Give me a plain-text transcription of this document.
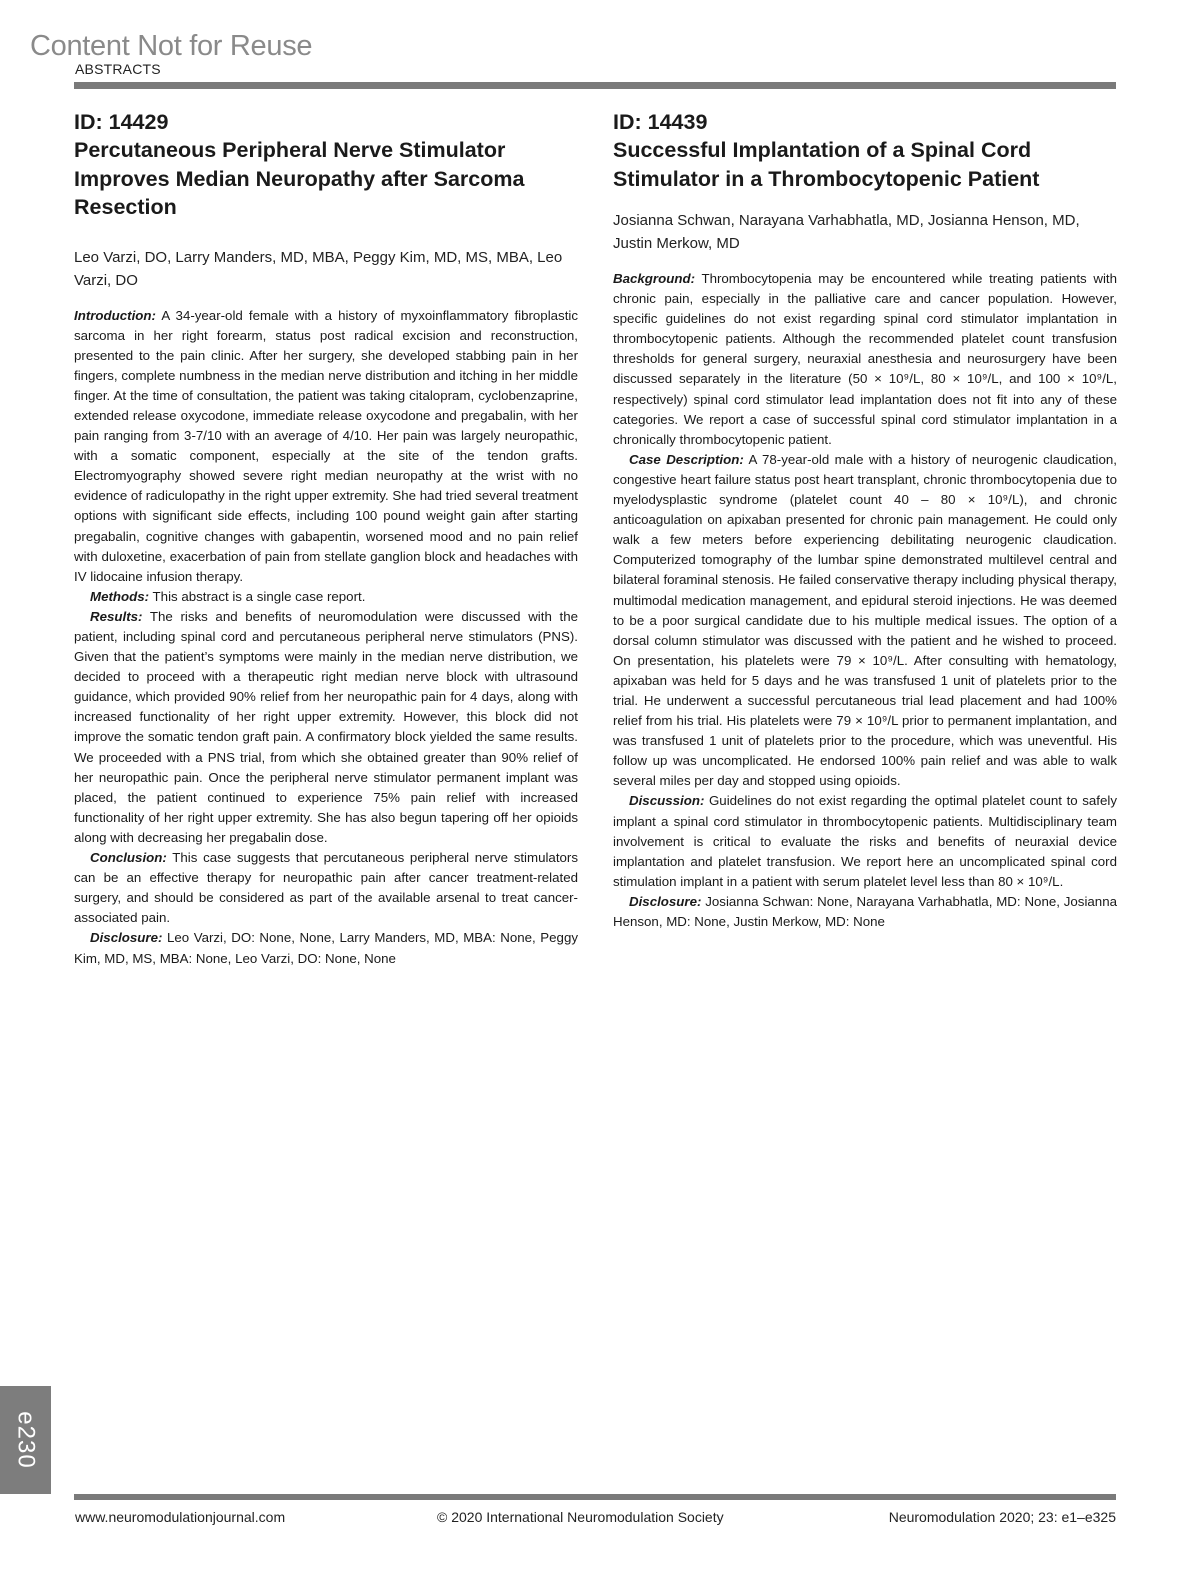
Content Not for Reuse
ABSTRACTS
ID: 14429
Percutaneous Peripheral Nerve Stimulator Improves Median Neuropathy after Sarcoma Resection
Leo Varzi, DO, Larry Manders, MD, MBA, Peggy Kim, MD, MS, MBA, Leo Varzi, DO

Introduction: A 34-year-old female with a history of myxoinflammatory fibroplastic sarcoma in her right forearm, status post radical excision and reconstruction, presented to the pain clinic. After her surgery, she developed stabbing pain in her fingers, complete numbness in the median nerve distribution and itching in her middle finger. At the time of consultation, the patient was taking citalopram, cyclobenzaprine, extended release oxycodone, immediate release oxycodone and pregabalin, with her pain ranging from 3-7/10 with an average of 4/10. Her pain was largely neuropathic, with a somatic component, especially at the site of the tendon grafts. Electromyography showed severe right median neuropathy at the wrist with no evidence of radiculopathy in the right upper extremity. She had tried several treatment options with significant side effects, including 100 pound weight gain after starting pregabalin, cognitive changes with gabapentin, worsened mood and no pain relief with duloxetine, exacerbation of pain from stellate ganglion block and headaches with IV lidocaine infusion therapy.

Methods: This abstract is a single case report.

Results: The risks and benefits of neuromodulation were discussed with the patient, including spinal cord and percutaneous peripheral nerve stimulators (PNS). Given that the patient’s symptoms were mainly in the median nerve distribution, we decided to proceed with a therapeutic right median nerve block with ultrasound guidance, which provided 90% relief from her neuropathic pain for 4 days, along with increased functionality of her right upper extremity. However, this block did not improve the somatic tendon graft pain. A confirmatory block yielded the same results. We proceeded with a PNS trial, from which she obtained greater than 90% relief of her neuropathic pain. Once the peripheral nerve stimulator permanent implant was placed, the patient continued to experience 75% pain relief with increased functionality of her right upper extremity. She has also begun tapering off her opioids along with decreasing her pregabalin dose.

Conclusion: This case suggests that percutaneous peripheral nerve stimulators can be an effective therapy for neuropathic pain after cancer treatment-related surgery, and should be considered as part of the available arsenal to treat cancer-associated pain.

Disclosure: Leo Varzi, DO: None, None, Larry Manders, MD, MBA: None, Peggy Kim, MD, MS, MBA: None, Leo Varzi, DO: None, None

ID: 14439
Successful Implantation of a Spinal Cord Stimulator in a Thrombocytopenic Patient
Josianna Schwan, Narayana Varhabhatla, MD, Josianna Henson, MD, Justin Merkow, MD

Background: Thrombocytopenia may be encountered while treating patients with chronic pain, especially in the palliative care and cancer population. However, specific guidelines do not exist regarding spinal cord stimulator implantation in thrombocytopenic patients. Although the recommended platelet count transfusion thresholds for general surgery, neuraxial anesthesia and neurosurgery have been discussed separately in the literature (50 × 10⁹/L, 80 × 10⁹/L, and 100 × 10⁹/L, respectively) spinal cord stimulator lead implantation does not fit into any of these categories. We report a case of successful spinal cord stimulator implantation in a chronically thrombocytopenic patient.

Case Description: A 78-year-old male with a history of neurogenic claudication, congestive heart failure status post heart transplant, chronic thrombocytopenia due to myelodysplastic syndrome (platelet count 40 – 80 × 10⁹/L), and chronic anticoagulation on apixaban presented for chronic pain management. He could only walk a few meters before experiencing debilitating neurogenic claudication. Computerized tomography of the lumbar spine demonstrated multilevel central and bilateral foraminal stenosis. He failed conservative therapy including physical therapy, multimodal medication management, and epidural steroid injections. He was deemed to be a poor surgical candidate due to his multiple medical issues. The option of a dorsal column stimulator was discussed with the patient and he wished to proceed. On presentation, his platelets were 79 × 10⁹/L. After consulting with hematology, apixaban was held for 5 days and he was transfused 1 unit of platelets prior to the trial. He underwent a successful percutaneous trial lead placement and had 100% relief from his trial. His platelets were 79 × 10⁹/L prior to permanent implantation, and was transfused 1 unit of platelets prior to the procedure, which was uneventful. His follow up was uncomplicated. He endorsed 100% pain relief and was able to walk several miles per day and stopped using opioids.

Discussion: Guidelines do not exist regarding the optimal platelet count to safely implant a spinal cord stimulator in thrombocytopenic patients. Multidisciplinary team involvement is critical to evaluate the risks and benefits of neuraxial device implantation and platelet transfusion. We report here an uncomplicated spinal cord stimulation implant in a patient with serum platelet level less than 80 × 10⁹/L.

Disclosure: Josianna Schwan: None, Narayana Varhabhatla, MD: None, Josianna Henson, MD: None, Justin Merkow, MD: None

e230
www.neuromodulationjournal.com	© 2020 International Neuromodulation Society	Neuromodulation 2020; 23: e1–e325
